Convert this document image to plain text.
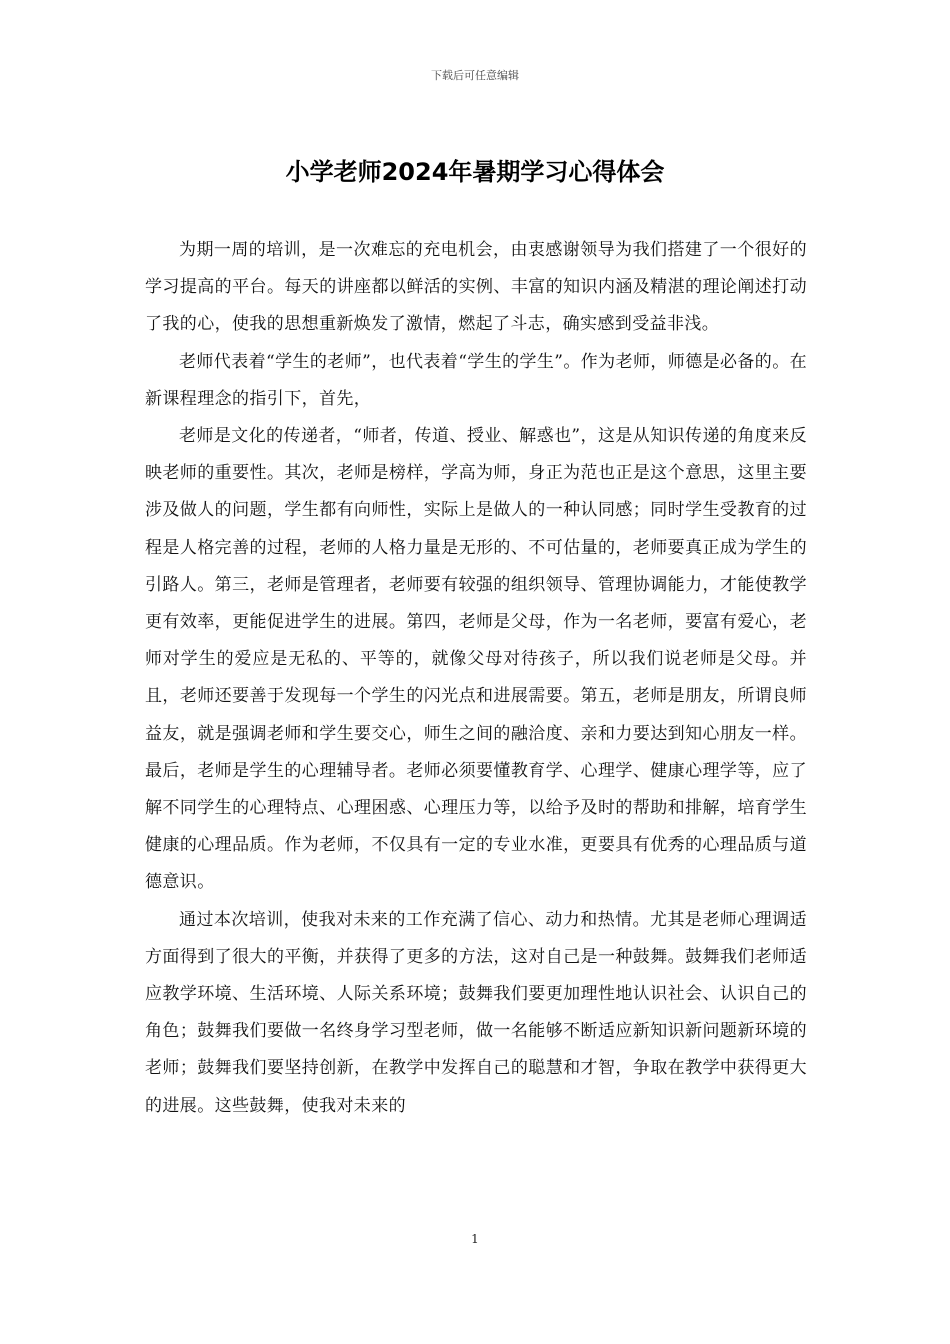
下载后可任意编辑
小学老师2024年暑期学习心得体会

为期一周的培训，是一次难忘的充电机会，由衷感谢领导为我们搭建了一个很好的学习提高的平台。每天的讲座都以鲜活的实例、丰富的知识内涵及精湛的理论阐述打动了我的心，使我的思想重新焕发了激情，燃起了斗志，确实感到受益非浅。

老师代表着“学生的老师”，也代表着“学生的学生”。作为老师，师德是必备的。在新课程理念的指引下，首先，

老师是文化的传递者，“师者，传道、授业、解惑也”，这是从知识传递的角度来反映老师的重要性。其次，老师是榜样，学高为师，身正为范也正是这个意思，这里主要涉及做人的问题，学生都有向师性，实际上是做人的一种认同感；同时学生受教育的过程是人格完善的过程，老师的人格力量是无形的、不可估量的，老师要真正成为学生的引路人。第三，老师是管理者，老师要有较强的组织领导、管理协调能力，才能使教学更有效率，更能促进学生的进展。第四，老师是父母，作为一名老师，要富有爱心，老师对学生的爱应是无私的、平等的，就像父母对待孩子，所以我们说老师是父母。并且，老师还要善于发现每一个学生的闪光点和进展需要。第五，老师是朋友，所谓良师益友，就是强调老师和学生要交心，师生之间的融洽度、亲和力要达到知心朋友一样。最后，老师是学生的心理辅导者。老师必须要懂教育学、心理学、健康心理学等，应了解不同学生的心理特点、心理困惑、心理压力等，以给予及时的帮助和排解，培育学生健康的心理品质。作为老师，不仅具有一定的专业水准，更要具有优秀的心理品质与道德意识。

通过本次培训，使我对未来的工作充满了信心、动力和热情。尤其是老师心理调适方面得到了很大的平衡，并获得了更多的方法，这对自己是一种鼓舞。鼓舞我们老师适应教学环境、生活环境、人际关系环境；鼓舞我们要更加理性地认识社会、认识自己的角色；鼓舞我们要做一名终身学习型老师，做一名能够不断适应新知识新问题新环境的老师；鼓舞我们要坚持创新，在教学中发挥自己的聪慧和才智，争取在教学中获得更大的进展。这些鼓舞，使我对未来的

1
